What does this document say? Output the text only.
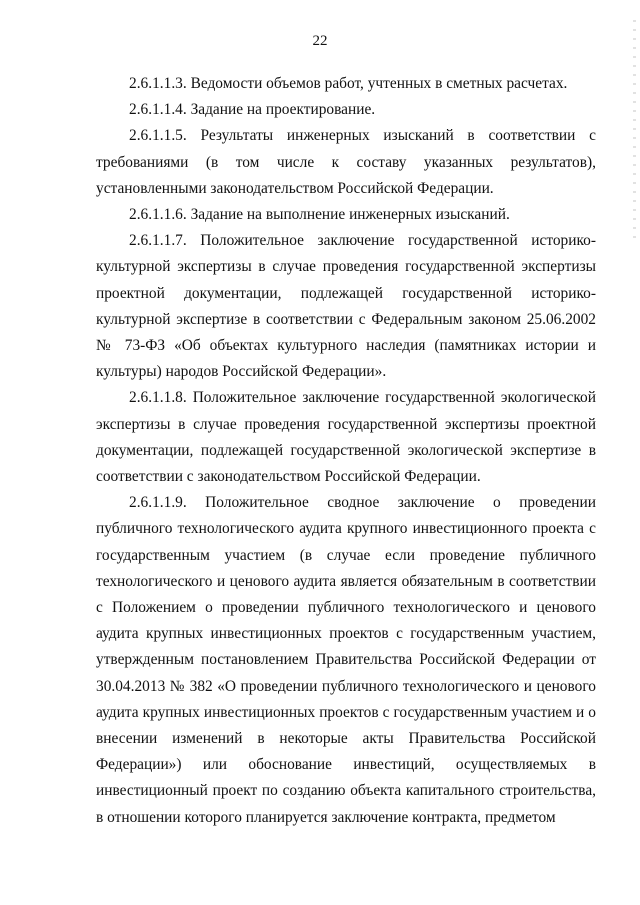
22

2.6.1.1.3. Ведомости объемов работ, учтенных в сметных расчетах.

2.6.1.1.4. Задание на проектирование.

2.6.1.1.5. Результаты инженерных изысканий в соответствии с требованиями (в том числе к составу указанных результатов), установленными законодательством Российской Федерации.

2.6.1.1.6. Задание на выполнение инженерных изысканий.

2.6.1.1.7. Положительное заключение государственной историко-культурной экспертизы в случае проведения государственной экспертизы проектной документации, подлежащей государственной историко-культурной экспертизе в соответствии с Федеральным законом 25.06.2002 № 73-ФЗ «Об объектах культурного наследия (памятниках истории и культуры) народов Российской Федерации».

2.6.1.1.8. Положительное заключение государственной экологической экспертизы в случае проведения государственной экспертизы проектной документации, подлежащей государственной экологической экспертизе в соответствии с законодательством Российской Федерации.

2.6.1.1.9. Положительное сводное заключение о проведении публичного технологического аудита крупного инвестиционного проекта с государственным участием (в случае если проведение публичного технологического и ценового аудита является обязательным в соответствии с Положением о проведении публичного технологического и ценового аудита крупных инвестиционных проектов с государственным участием, утвержденным постановлением Правительства Российской Федерации от 30.04.2013 № 382 «О проведении публичного технологического и ценового аудита крупных инвестиционных проектов с государственным участием и о внесении изменений в некоторые акты Правительства Российской Федерации») или обоснование инвестиций, осуществляемых в инвестиционный проект по созданию объекта капитального строительства, в отношении которого планируется заключение контракта, предметом
